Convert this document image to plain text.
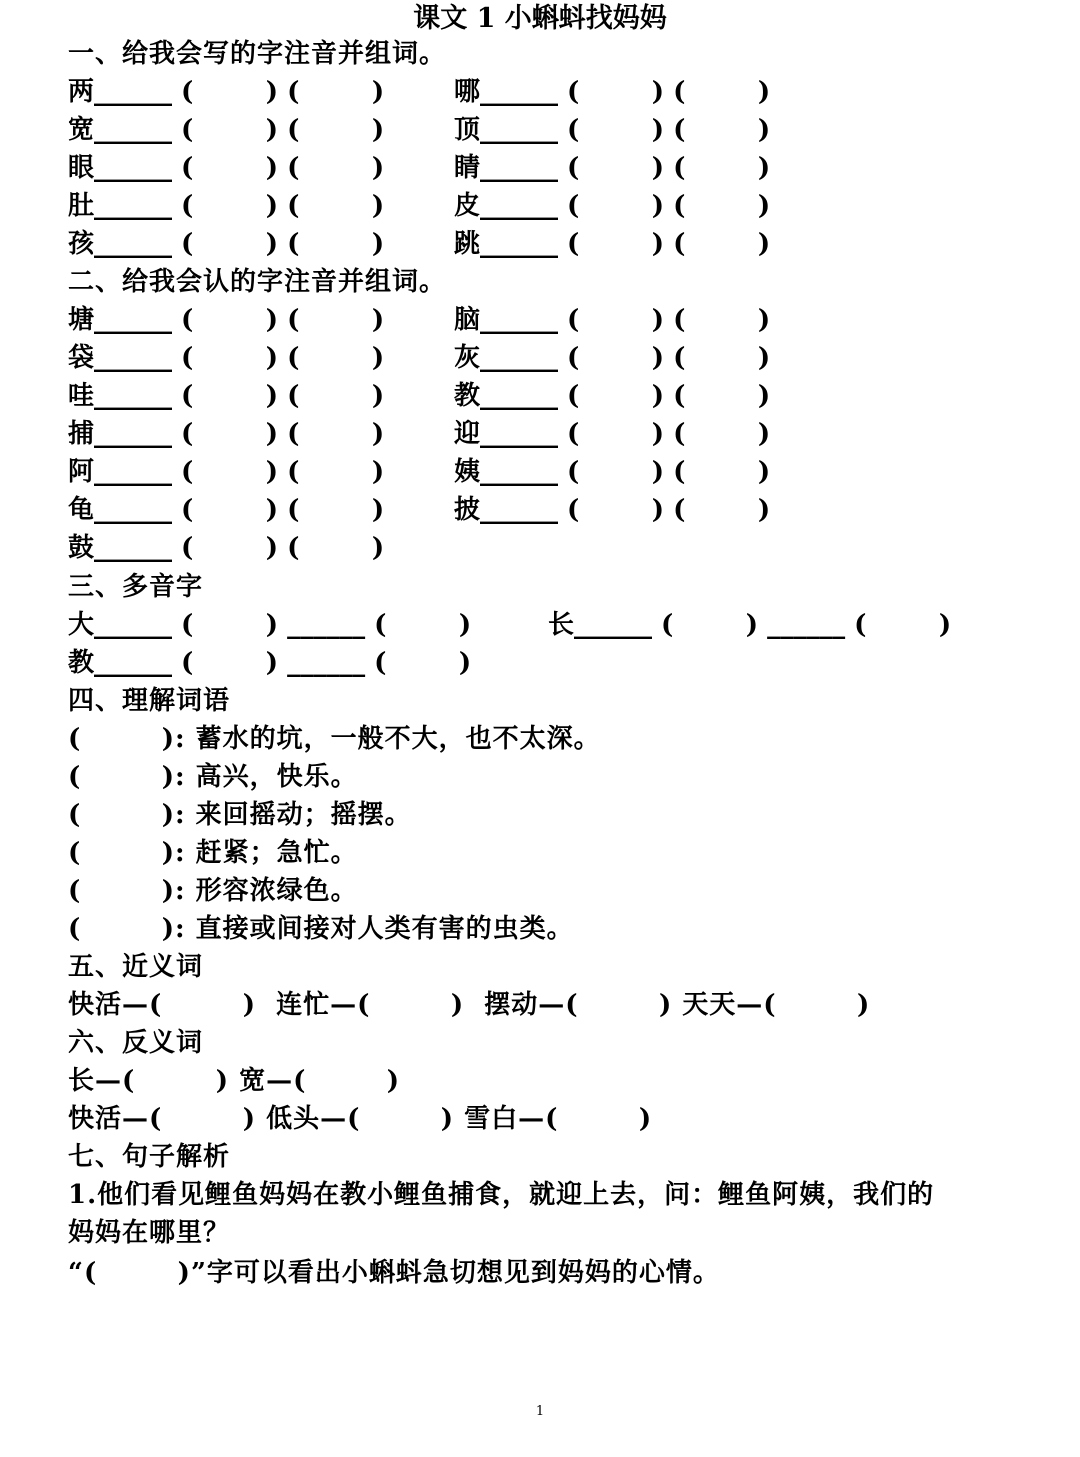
课文 1 小蝌蚪找妈妈
一、给我会写的字注音并组词。
两______ (        ) (        )	哪______ (        ) (        )
宽______ (        ) (        )	顶______ (        ) (        )
眼______ (        ) (        )	睛______ (        ) (        )
肚______ (        ) (        )	皮______ (        ) (        )
孩______ (        ) (        )	跳______ (        ) (        )
二、给我会认的字注音并组词。
塘______ (        ) (        )	脑______ (        ) (        )
袋______ (        ) (        )	灰______ (        ) (        )
哇______ (        ) (        )	教______ (        ) (        )
捕______ (        ) (        )	迎______ (        ) (        )
阿______ (        ) (        )	姨______ (        ) (        )
龟______ (        ) (        )	披______ (        ) (        )
鼓______ (        ) (        )
三、多音字
大______ (        ) ______ (        )	长______ (        ) ______ (        )
教______ (        ) ______ (        )
四、理解词语
(        ): 蓄水的坑，一般不大，也不太深。
(        ): 高兴，快乐。
(        ): 来回摇动；摇摆。
(        ): 赶紧；急忙。
(        ): 形容浓绿色。
(        ): 直接或间接对人类有害的虫类。
五、近义词
快活—(        )  连忙—(        )  摆动—(        ) 天天—(        )
六、反义词
长—(        ) 宽—(        )
快活—(        ) 低头—(        ) 雪白—(        )
七、句子解析
1.他们看见鲤鱼妈妈在教小鲤鱼捕食，就迎上去，问：鲤鱼阿姨，我们的
妈妈在哪里？
“(        )”字可以看出小蝌蚪急切想见到妈妈的心情。
1
